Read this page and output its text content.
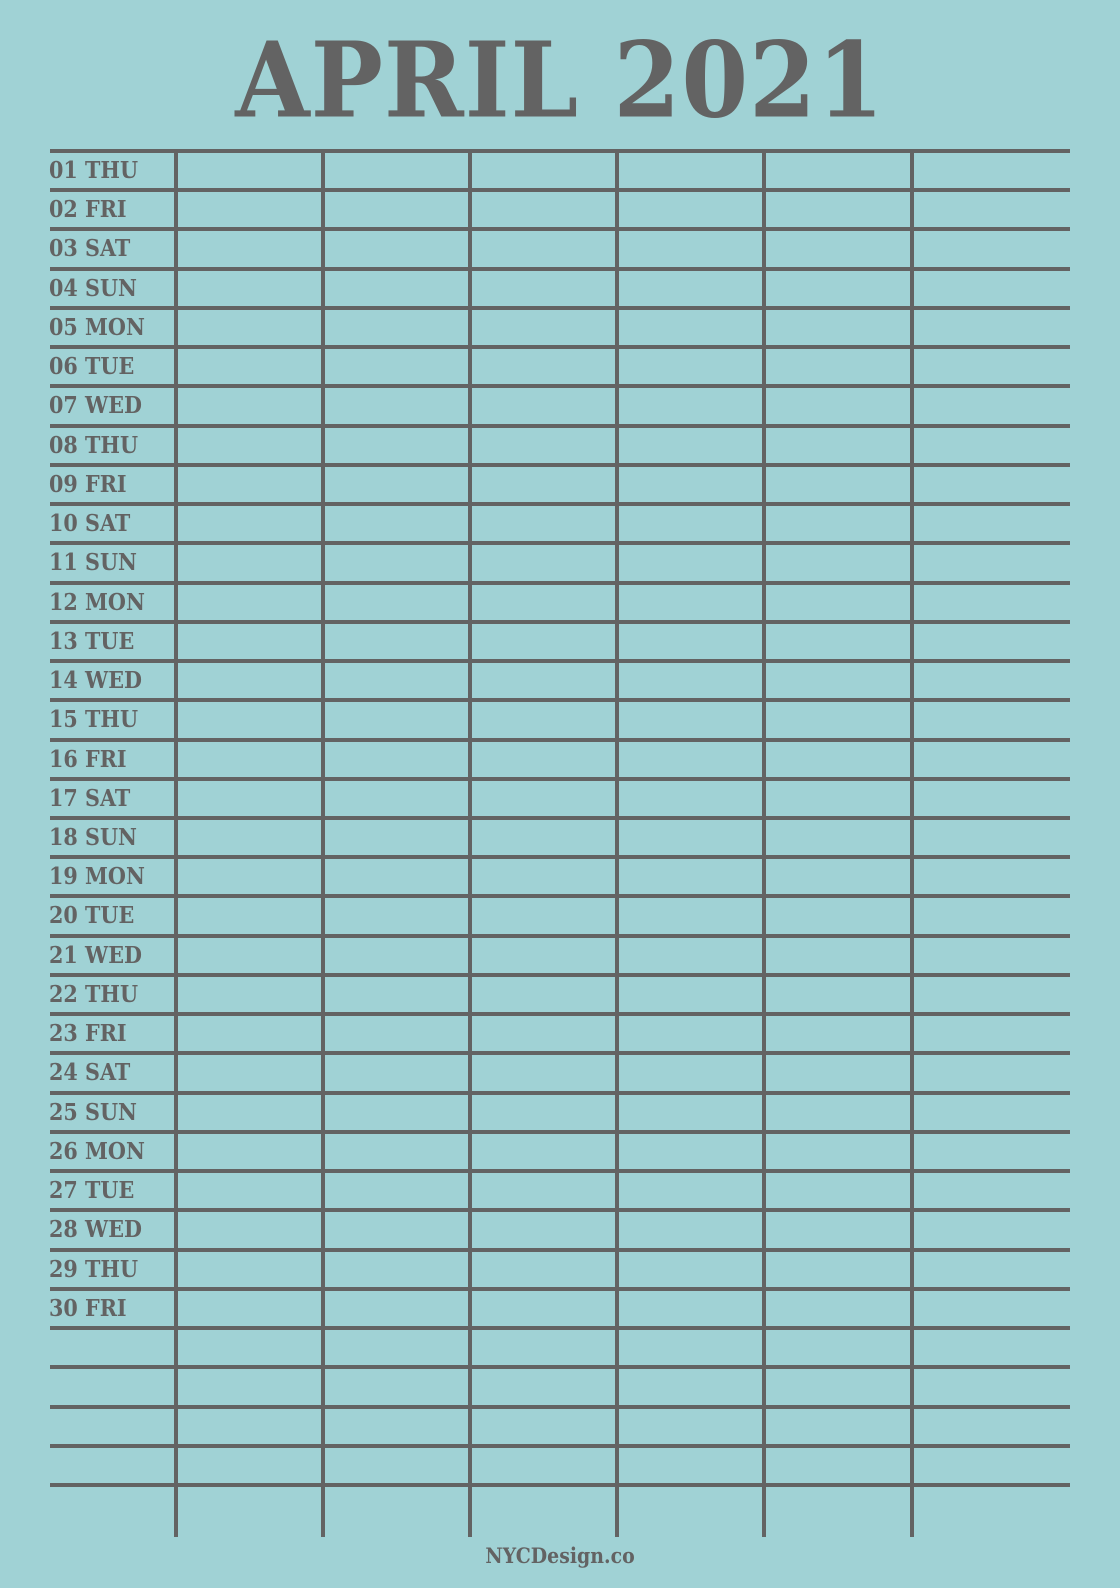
APRIL 2021
01 THU
02 FRI
03 SAT
04 SUN
05 MON
06 TUE
07 WED
08 THU
09 FRI
10 SAT
11 SUN
12 MON
13 TUE
14 WED
15 THU
16 FRI
17 SAT
18 SUN
19 MON
20 TUE
21 WED
22 THU
23 FRI
24 SAT
25 SUN
26 MON
27 TUE
28 WED
29 THU
30 FRI
NYCDesign.co
